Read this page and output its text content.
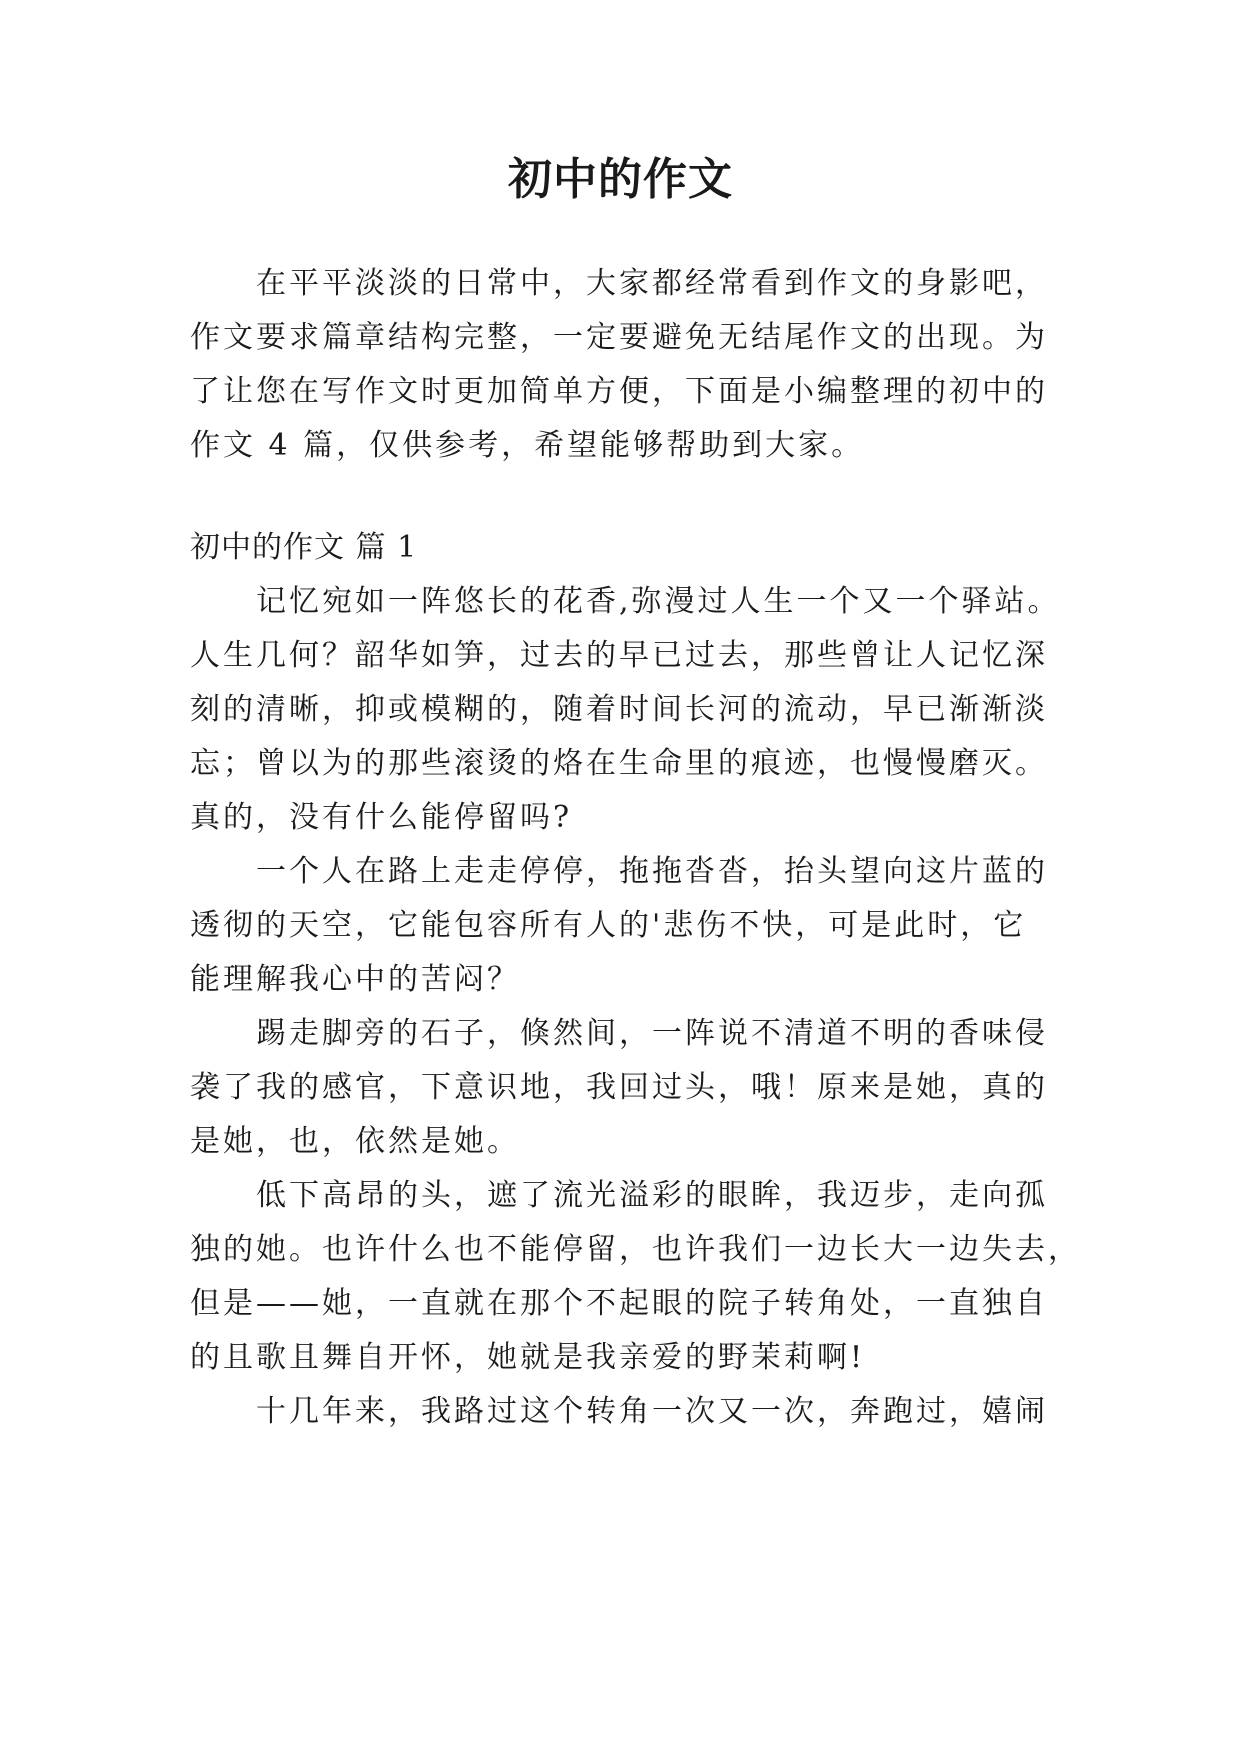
初中的作文
在平平淡淡的日常中，大家都经常看到作文的身影吧，
作文要求篇章结构完整，一定要避免无结尾作文的出现。为
了让您在写作文时更加简单方便，下面是小编整理的初中的
作文 4 篇，仅供参考，希望能够帮助到大家。
初中的作文 篇 1
记忆宛如一阵悠长的花香,弥漫过人生一个又一个驿站。
人生几何？韶华如笋，过去的早已过去，那些曾让人记忆深
刻的清晰，抑或模糊的，随着时间长河的流动，早已渐渐淡
忘；曾以为的那些滚烫的烙在生命里的痕迹，也慢慢磨灭。
真的，没有什么能停留吗?
一个人在路上走走停停，拖拖沓沓，抬头望向这片蓝的
透彻的天空，它能包容所有人的'悲伤不快，可是此时，它
能理解我心中的苦闷？
踢走脚旁的石子，倏然间，一阵说不清道不明的香味侵
袭了我的感官，下意识地，我回过头，哦！原来是她，真的
是她，也，依然是她。
低下高昂的头，遮了流光溢彩的眼眸，我迈步，走向孤
独的她。也许什么也不能停留，也许我们一边长大一边失去，
但是——她，一直就在那个不起眼的院子转角处，一直独自
的且歌且舞自开怀，她就是我亲爱的野茉莉啊!
十几年来，我路过这个转角一次又一次，奔跑过，嬉闹
